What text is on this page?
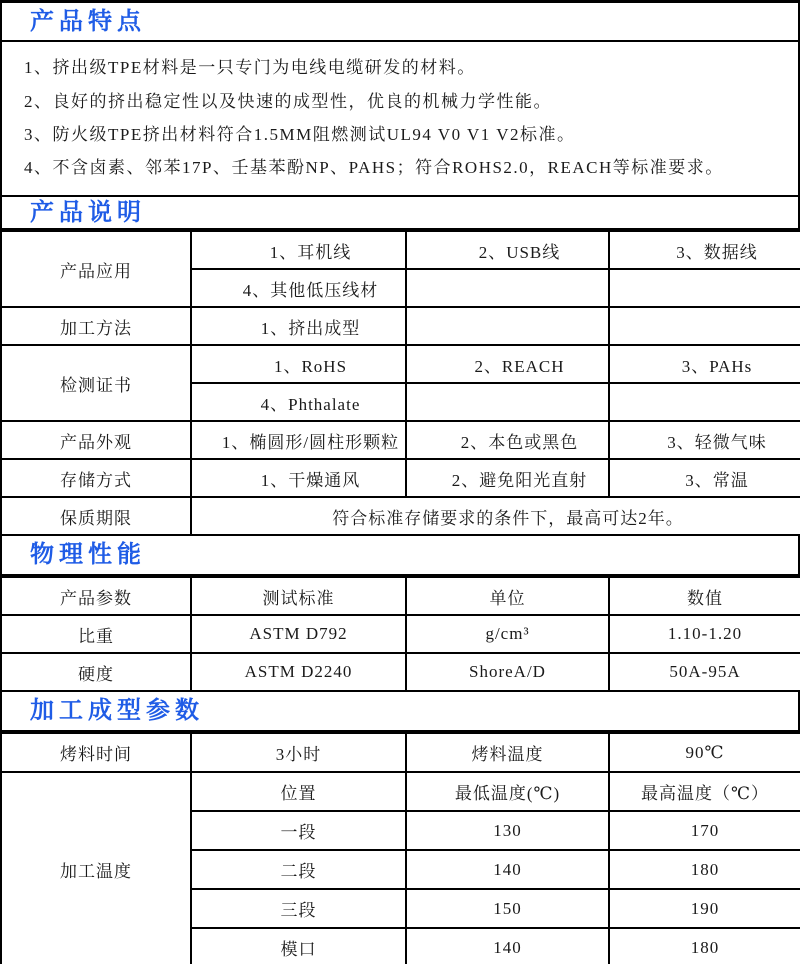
产品特点
1、挤出级TPE材料是一只专门为电线电缆研发的材料。
2、良好的挤出稳定性以及快速的成型性，优良的机械力学性能。
3、防火级TPE挤出材料符合1.5MM阻燃测试UL94 V0 V1 V2标准。
4、不含卤素、邻苯17P、壬基苯酚NP、PAHS；符合ROHS2.0，REACH等标准要求。
产品说明
产品应用	1、耳机线	2、USB线	3、数据线
	4、其他低压线材		
加工方法	1、挤出成型		
检测证书	1、RoHS	2、REACH	3、PAHs
	4、Phthalate		
产品外观	1、椭圆形/圆柱形颗粒	2、本色或黑色	3、轻微气味
存储方式	1、干燥通风	2、避免阳光直射	3、常温
保质期限	符合标准存储要求的条件下，最高可达2年。		
物理性能
产品参数	测试标准	单位	数值
比重	ASTM D792	g/cm³	1.10-1.20
硬度	ASTM D2240	ShoreA/D	50A-95A
加工成型参数
烤料时间	3小时	烤料温度	90℃
加工温度	位置	最低温度(℃)	最高温度（℃）
	一段	130	170
	二段	140	180
	三段	150	190
	模口	140	180
